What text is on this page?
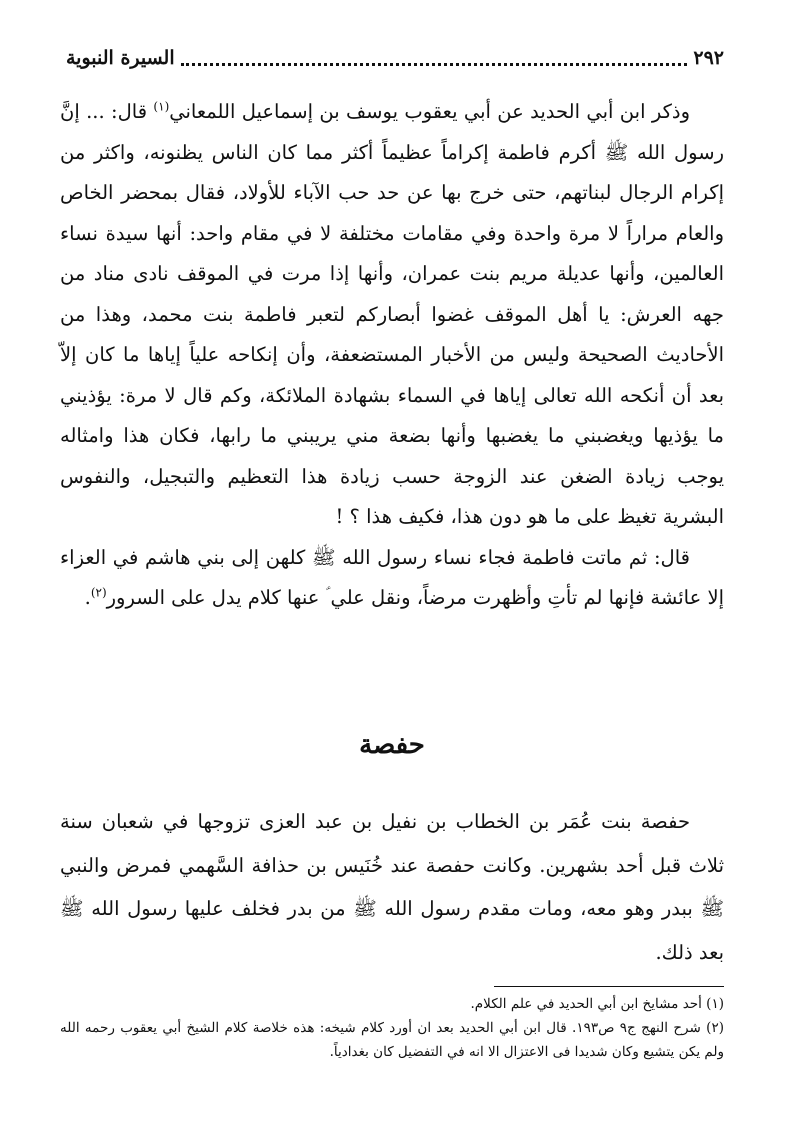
٢٩٢
السيرة النبوية

وذكر ابن أبي الحديد عن أبي يعقوب يوسف بن إسماعيل اللمعاني$^{(١)}$ قال: ... إنَّ رسول الله ﷺ أكرم فاطمة إكراماً عظيماً أكثر مما كان الناس يظنونه، واكثر من إكرام الرجال لبناتهم، حتى خرج بها عن حد حب الآباء للأولاد، فقال بمحضر الخاص والعام مراراً لا مرة واحدة وفي مقامات مختلفة لا في مقام واحد: أنها سيدة نساء العالمين، وأنها عديلة مريم بنت عمران، وأنها إذا مرت في الموقف نادى مناد من جهه العرش: يا أهل الموقف غضوا أبصاركم لتعبر فاطمة بنت محمد، وهذا من الأحاديث الصحيحة وليس من الأخبار المستضعفة، وأن إنكاحه علياً إياها ما كان إلاّ بعد أن أنكحه الله تعالى إياها في السماء بشهادة الملائكة، وكم قال لا مرة: يؤذيني ما يؤذيها ويغضبني ما يغضبها وأنها بضعة مني يريبني ما رابها، فكان هذا وامثاله يوجب زيادة الضغن عند الزوجة حسب زيادة هذا التعظيم والتبجيل، والنفوس البشرية تغيظ على ما هو دون هذا، فكيف هذا ؟ !

قال: ثم ماتت فاطمة فجاء نساء رسول الله ﷺ كلهن إلى بني هاشم في العزاء إلا عائشة فإنها لم تأتِ وأظهرت مرضاً، ونقل علي ؑ عنها كلام يدل على السرور$^{(٢)}$.

حفصة

حفصة بنت عُمَر بن الخطاب بن نفيل بن عبد العزى تزوجها في شعبان سنة ثلاث قبل أحد بشهرين. وكانت حفصة عند خُنَيس بن حذافة السَّهمي فمرض والنبي ﷺ ببدر وهو معه، ومات مقدم رسول الله ﷺ من بدر فخلف عليها رسول الله ﷺ بعد ذلك.

(١) أحد مشايخ ابن أبي الحديد في علم الكلام.

(٢) شرح النهج ج٩ ص١٩٣. قال ابن أبي الحديد بعد ان أورد كلام شيخه: هذه خلاصة كلام الشيخ أبي يعقوب رحمه الله ولم يكن يتشيع وكان شديدا فى الاعتزال الا انه في التفضيل كان بغدادياً.
